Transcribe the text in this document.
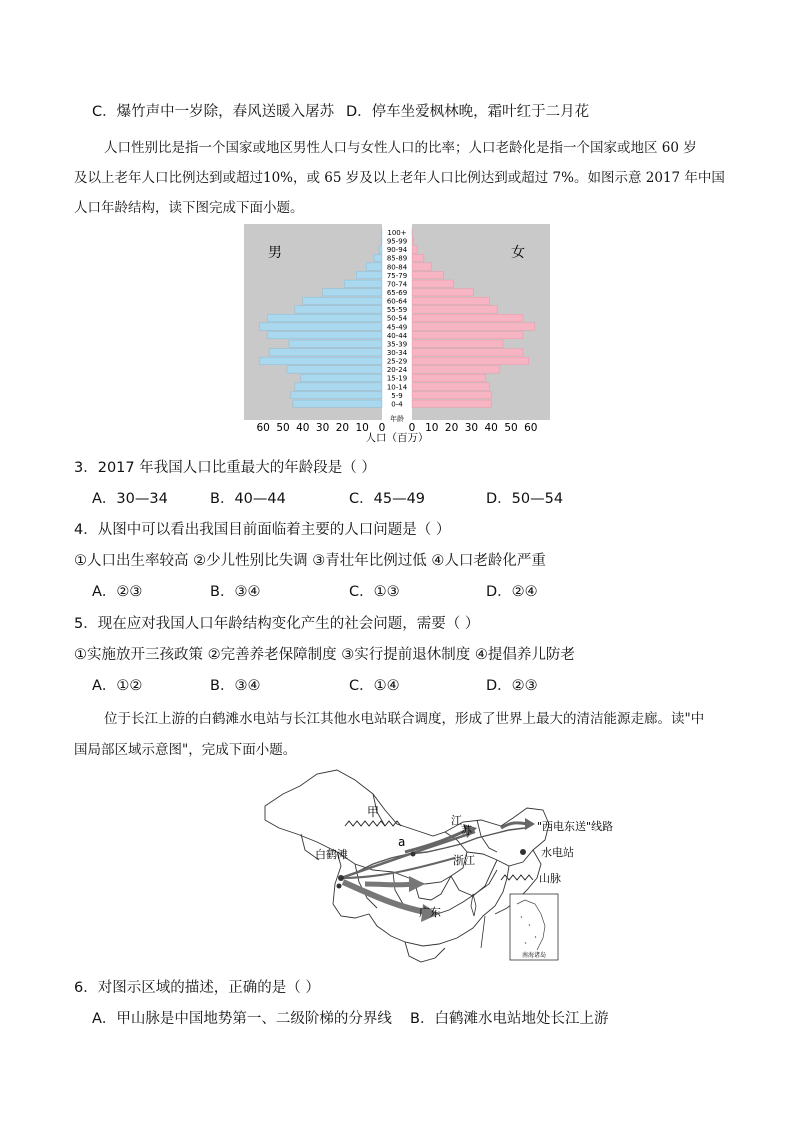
C．爆竹声中一岁除，春风送暖入屠苏 D．停车坐爱枫林晚，霜叶红于二月花
人口性别比是指一个国家或地区男性人口与女性人口的比率；人口老龄化是指一个国家或地区 60 岁
及以上老年人口比例达到或超过10%，或 65 岁及以上老年人口比例达到或超过 7%。如图示意 2017 年中国
人口年龄结构，读下图完成下面小题。
0-4
5-9
10-14
15-19
20-24
25-29
30-34
35-39
40-44
45-49
50-54
55-59
60-64
65-69
70-74
75-79
80-84
85-89
90-94
95-99
100+
男	女
60 50 40 30 20 10 0 0 10 20 30 40 50 60
年龄
人口（百万）
3．2017 年我国人口比重最大的年龄段是（ ）
A．30—34	B．40—44	C．45—49	D．50—54
4．从图中可以看出我国目前面临着主要的人口问题是（ ）
①人口出生率较高 ②少儿性别比失调 ③青壮年比例过低 ④人口老龄化严重
A．②③	B．③④	C．①③	D．②④
5．现在应对我国人口年龄结构变化产生的社会问题，需要（ ）
①实施放开三孩政策 ②完善养老保障制度 ③实行提前退休制度 ④提倡养儿防老
A．①②	B．③④	C．①④	D．②③
位于长江上游的白鹤滩水电站与长江其他水电站联合调度，形成了世界上最大的清洁能源走廊。读"中
国局部区域示意图"，完成下面小题。
甲
白鹤滩
a
江
苏
浙江
广东
南海诸岛
"西电东送"线路
水电站
山脉
6．对图示区域的描述，正确的是（ ）
A．甲山脉是中国地势第一、二级阶梯的分界线 B．白鹤滩水电站地处长江上游
